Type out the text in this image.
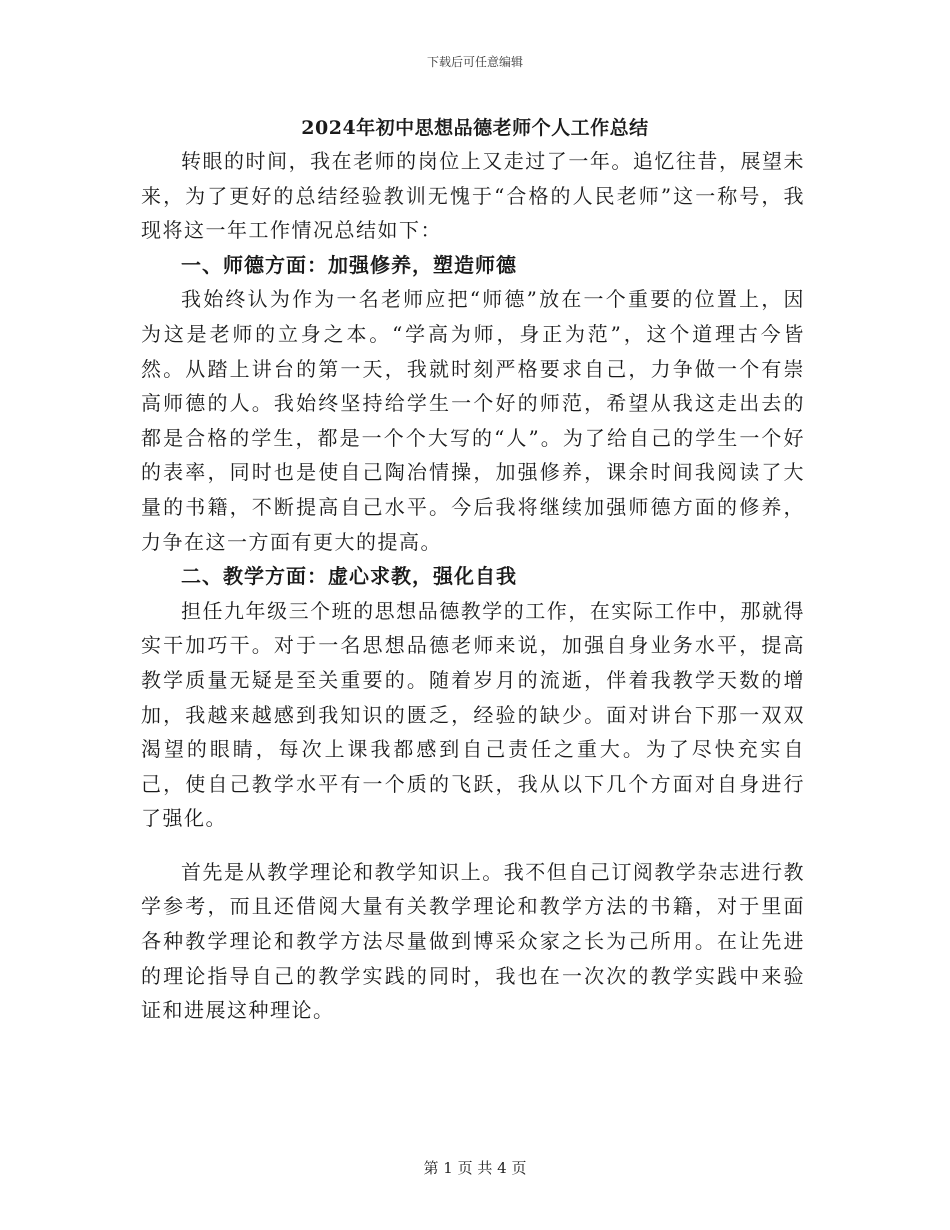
下载后可任意编辑
2024年初中思想品德老师个人工作总结

转眼的时间，我在老师的岗位上又走过了一年。追忆往昔，展望未来，为了更好的总结经验教训无愧于“合格的人民老师”这一称号，我现将这一年工作情况总结如下：

一、师德方面：加强修养，塑造师德

我始终认为作为一名老师应把“师德”放在一个重要的位置上，因为这是老师的立身之本。“学高为师，身正为范”，这个道理古今皆然。从踏上讲台的第一天，我就时刻严格要求自己，力争做一个有崇高师德的人。我始终坚持给学生一个好的师范，希望从我这走出去的都是合格的学生，都是一个个大写的“人”。为了给自己的学生一个好的表率，同时也是使自己陶冶情操，加强修养，课余时间我阅读了大量的书籍，不断提高自己水平。今后我将继续加强师德方面的修养，力争在这一方面有更大的提高。

二、教学方面：虚心求教，强化自我

担任九年级三个班的思想品德教学的工作，在实际工作中，那就得实干加巧干。对于一名思想品德老师来说，加强自身业务水平，提高教学质量无疑是至关重要的。随着岁月的流逝，伴着我教学天数的增加，我越来越感到我知识的匮乏，经验的缺少。面对讲台下那一双双渴望的眼睛，每次上课我都感到自己责任之重大。为了尽快充实自己，使自己教学水平有一个质的飞跃，我从以下几个方面对自身进行了强化。

首先是从教学理论和教学知识上。我不但自己订阅教学杂志进行教学参考，而且还借阅大量有关教学理论和教学方法的书籍，对于里面各种教学理论和教学方法尽量做到博采众家之长为己所用。在让先进的理论指导自己的教学实践的同时，我也在一次次的教学实践中来验证和进展这种理论。

第 1 页 共 4 页
